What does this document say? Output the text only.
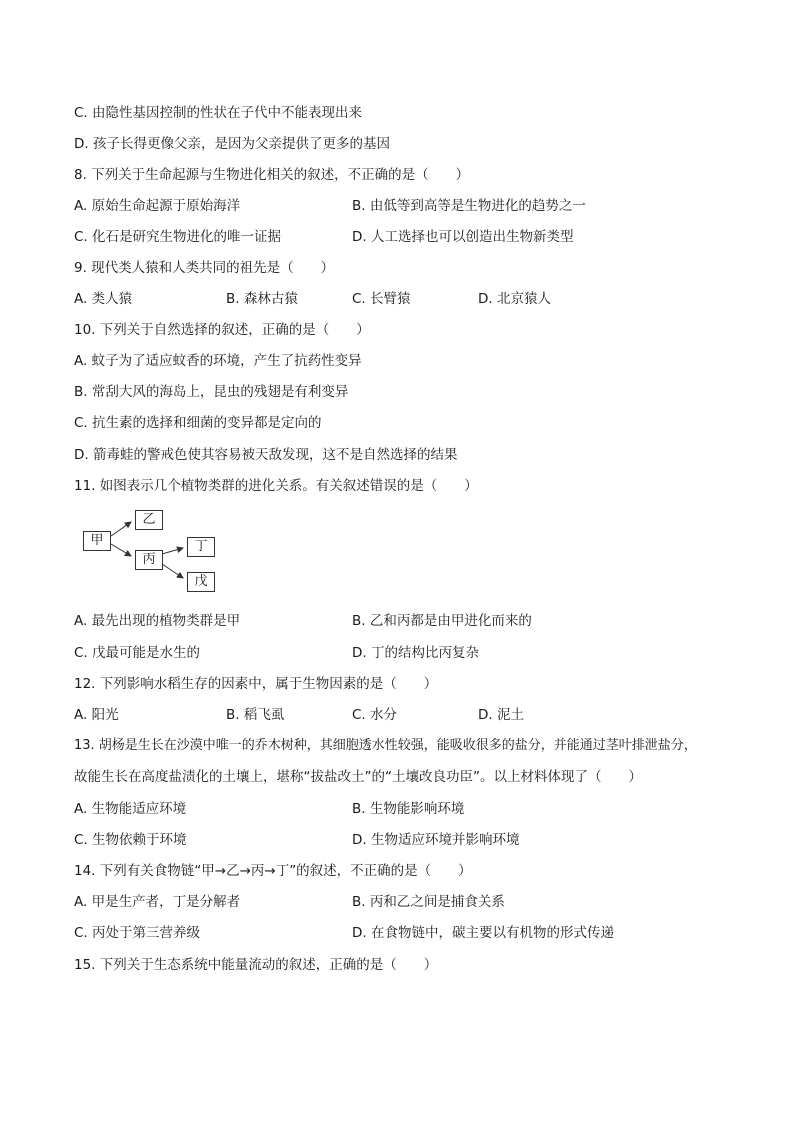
C. 由隐性基因控制的性状在子代中不能表现出来
D. 孩子长得更像父亲，是因为父亲提供了更多的基因
8. 下列关于生命起源与生物进化相关的叙述，不正确的是（　　）
A. 原始生命起源于原始海洋	B. 由低等到高等是生物进化的趋势之一
C. 化石是研究生物进化的唯一证据	D. 人工选择也可以创造出生物新类型
9. 现代类人猿和人类共同的祖先是（　　）
A. 类人猿	B. 森林古猿	C. 长臂猿	D. 北京猿人
10. 下列关于自然选择的叙述，正确的是（　　）
A. 蚊子为了适应蚊香的环境，产生了抗药性变异
B. 常刮大风的海岛上，昆虫的残翅是有利变异
C. 抗生素的选择和细菌的变异都是定向的
D. 箭毒蛙的警戒色使其容易被天敌发现，这不是自然选择的结果
11. 如图表示几个植物类群的进化关系。有关叙述错误的是（　　）
甲
乙
丙
丁
戊
A. 最先出现的植物类群是甲	B. 乙和丙都是由甲进化而来的
C. 戊最可能是水生的	D. 丁的结构比丙复杂
12. 下列影响水稻生存的因素中，属于生物因素的是（　　）
A. 阳光	B. 稻飞虱	C. 水分	D. 泥土
13. 胡杨是生长在沙漠中唯一的乔木树种，其细胞透水性较强，能吸收很多的盐分，并能通过茎叶排泄盐分，
故能生长在高度盐渍化的土壤上，堪称“拔盐改土”的“土壤改良功臣”。以上材料体现了（　　）
A. 生物能适应环境	B. 生物能影响环境
C. 生物依赖于环境	D. 生物适应环境并影响环境
14. 下列有关食物链“甲→乙→丙→丁”的叙述，不正确的是（　　）
A. 甲是生产者，丁是分解者	B. 丙和乙之间是捕食关系
C. 丙处于第三营养级	D. 在食物链中，碳主要以有机物的形式传递
15. 下列关于生态系统中能量流动的叙述，正确的是（　　）
